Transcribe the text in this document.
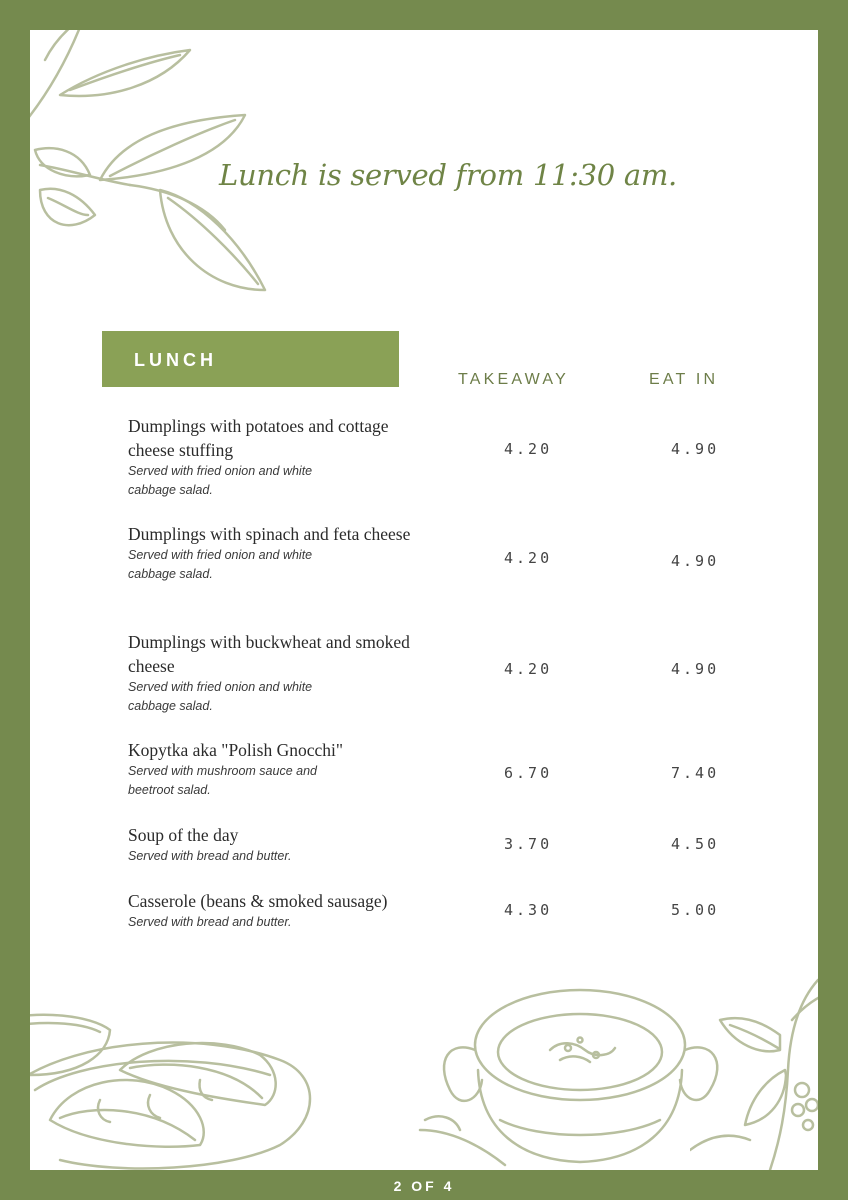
Lunch is served from 11:30 am.
LUNCH
TAKEAWAY	EAT IN
Dumplings with potatoes and cottage cheese stuffing
Served with fried onion and white cabbage salad.
4.20	4.90
Dumplings with spinach and feta cheese
Served with fried onion and white cabbage salad.
4.20	4.90
Dumplings with buckwheat and smoked cheese
Served with fried onion and white cabbage salad.
4.20	4.90
Kopytka aka "Polish Gnocchi"
Served with mushroom sauce and beetroot salad.
6.70	7.40
Soup of the day
Served with bread and butter.
3.70	4.50
Casserole (beans & smoked sausage)
Served with bread and butter.
4.30	5.00
2 OF 4
